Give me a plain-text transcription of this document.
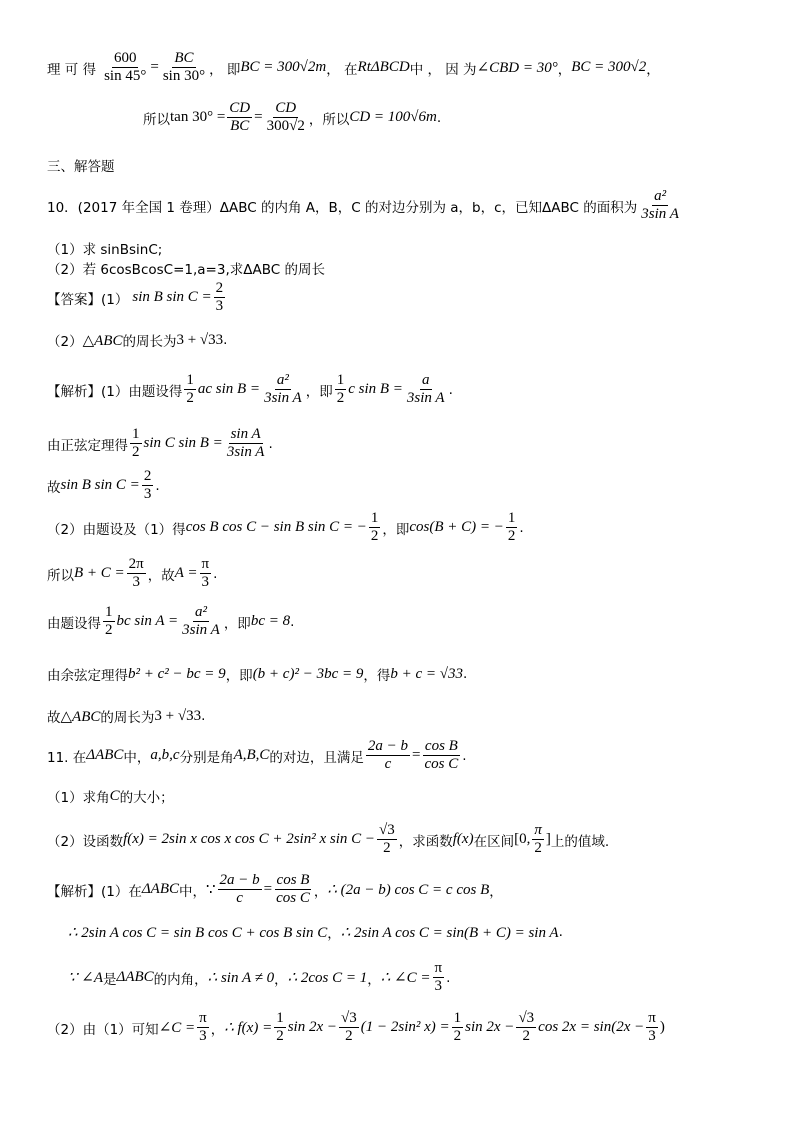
理 可 得 $\frac{600}{\sin 45^\circ} = \frac{BC}{\sin 30^\circ}$ ， 即 BC = 300√2m ， 在 RtΔBCD 中 ， 因 为 ∠CBD = 30° ， BC = 300√2 ，
所以 $\tan 30^\circ = \frac{CD}{BC} = \frac{CD}{300√2}$ ，所以 CD = 100√6m .
三、解答题
10．(2017 年全国 1 卷理）ΔABC 的内角 A，B，C 的对边分别为 a，b，c，已知ΔABC 的面积为 $\frac{\text{a²}}{\text{3sin A}}$
（1）求 sinBsinC;
（2）若 6cosBcosC=1,a=3,求ΔABC 的周长
【答案】(1） sin B $\sin C = \frac{2}{3}$
（2） △ABC 的周长为 3 + √33 .
【解析】(1）由题设得 $\frac{1}{2}$ ac $\sin B = \frac{\text{a²}}{\text{3sin A}}$ ，即 $\frac{1}{2}$ c $\sin B = \frac{a}{\text{3sin A}}$ .
由正弦定理得 $\frac{1}{2}$ sin C $\sin B = \frac{\text{sin A}}{\text{3sin A}}$ .
故 sin B $\sin C = \frac{2}{3}$ .
（2）由题设及（1）得 cos B cos C − sin B sin C = − $\frac{1}{2}$ ，即 cos(B + C) = − $\frac{1}{2}$ .
所以 $B + C = \frac{2\pi}{3}$ ，故 $A = \frac{\pi}{3}$ .
由题设得 $\frac{1}{2}$ bc $\sin A = \frac{\text{a²}}{\text{3sin A}}$ ，即 bc = 8 .
由余弦定理得 b² + c² − bc = 9 ，即 (b + c)² − 3bc = 9 ，得 b + c = √33 .
故 △ABC 的周长为 3 + √33 .
11. 在 ΔABC 中， a,b,c 分别是角 A,B,C 的对边，且满足 $\frac{2a - b}{c} = \frac{\text{cos B}}{\text{cos C}}$ .
（1）求角 C 的大小；
（2）设函数 f(x) = 2sin x cos x cos C + 2sin² x $\sin C - \frac{√3}{2}$ ，求函数 f(x) 在区间 [0, $\frac{\pi}{2}$ ] 上的值域.
【解析】(1）在 ΔABC 中， ∵ $\frac{2a - b}{c} = \frac{\text{cos B}}{\text{cos C}}$ ， ∴ (2a − b) cos C = c cos B ，
∴ 2sin A cos C = sin B cos C + cos B sin C ， ∴ 2sin A cos C = sin(B + C) = sin A .
∵ ∠A 是 ΔABC 的内角， ∴ sin A ≠ 0 ， ∴ 2cos C = 1 ， ∴ ∠C = $\frac{\pi}{3}$ .
（2）由（1）可知 ∠C = $\frac{\pi}{3}$ ， ∴ $f(x) = \frac{1}{2}$ $\sin 2x - \frac{√3}{2} (1 - 2\sin^2$ $x) = \frac{1}{2}$ $\sin 2x - \frac{√3}{2}$ $\cos 2x = \sin(2x - \frac{\pi}{3}$ )
